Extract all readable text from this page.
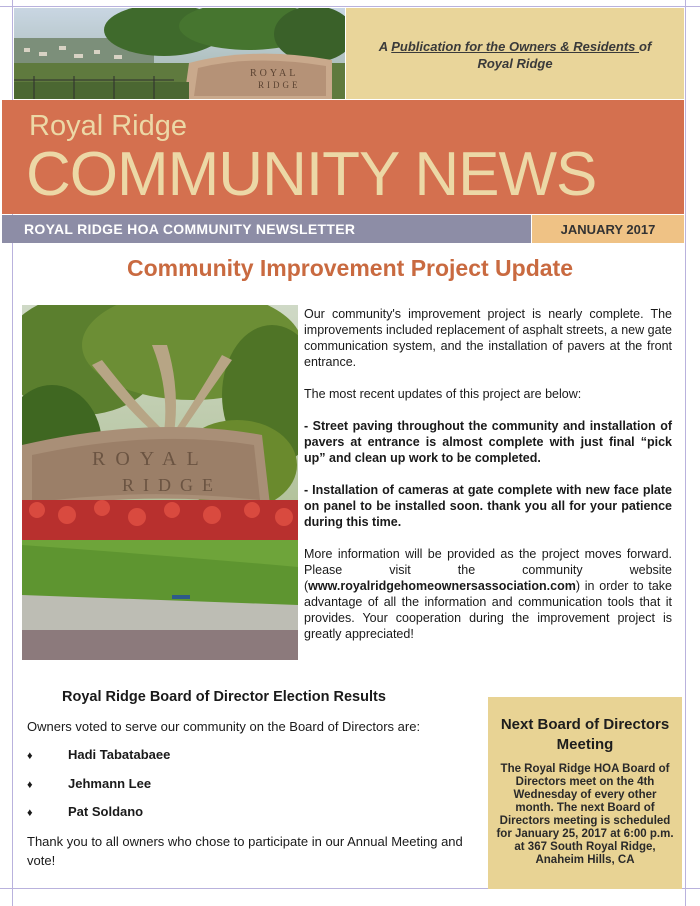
ROYAL
RIDGE
A Publication for the Owners & Residents of
Royal Ridge
Royal Ridge
COMMUNITY NEWS
ROYAL RIDGE HOA COMMUNITY NEWSLETTER	JANUARY 2017
Community Improvement Project Update
ROYAL
RIDGE

Our community's improvement project is nearly complete. The improvements included replacement of asphalt streets, a new gate communication system, and the installation of pavers at the front entrance.

The most recent updates of this project are below:

- Street paving throughout the community and installation of pavers at entrance is almost complete with just final “pick up” and clean up work to be completed.

- Installation of cameras at gate complete with new face plate on panel to be installed soon. thank you all for your patience during this time.

More information will be provided as the project moves forward. Please visit the community website (www.royalridgehomeownersassociation.com) in order to take advantage of all the information and communication tools that it provides. Your cooperation during the improvement project is greatly appreciated!

Royal Ridge Board of Director Election Results
Owners voted to serve our community on the Board of Directors are:
♦	Hadi Tabatabaee
♦	Jehmann Lee
♦	Pat Soldano
Thank you to all owners who chose to participate in our Annual Meeting and vote!
Next Board of Directors Meeting
The Royal Ridge HOA Board of Directors meet on the 4th Wednesday of every other month. The next Board of Directors meeting is scheduled for January 25, 2017 at 6:00 p.m. at 367 South Royal Ridge, Anaheim Hills, CA
